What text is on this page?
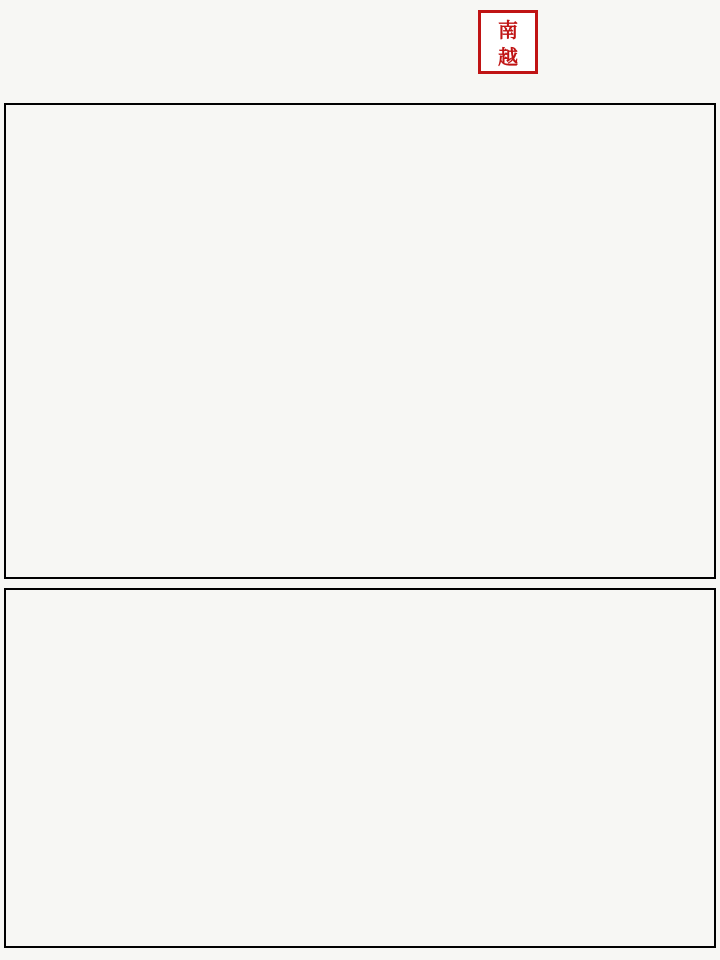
南
越
